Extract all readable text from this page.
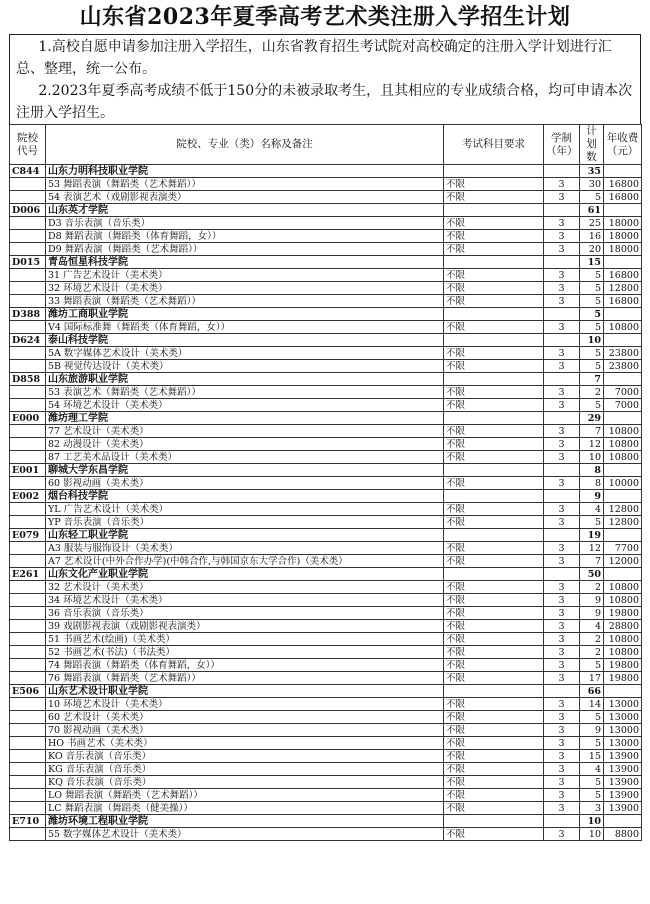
山东省2023年夏季高考艺术类注册入学招生计划

1.高校自愿申请参加注册入学招生，山东省教育招生考试院对高校确定的注册入学计划进行汇总、整理，统一公布。

2.2023年夏季高考成绩不低于150分的未被录取考生，且其相应的专业成绩合格，均可申请本次注册入学招生。

院校代号	院校、专业（类）名称及备注	考试科目要求	学制（年）	计划数	年收费（元）
C844	山东力明科技职业学院			35	
	53 舞蹈表演（舞蹈类（艺术舞蹈））	不限	3	30	16800
	54 表演艺术（戏剧影视表演类）	不限	3	5	16800
D006	山东英才学院			61	
	D3 音乐表演（音乐类）	不限	3	25	18000
	D8 舞蹈表演（舞蹈类（体育舞蹈，女））	不限	3	16	18000
	D9 舞蹈表演（舞蹈类（艺术舞蹈））	不限	3	20	18000
D015	青岛恒星科技学院			15	
	31 广告艺术设计（美术类）	不限	3	5	16800
	32 环境艺术设计（美术类）	不限	3	5	12800
	33 舞蹈表演（舞蹈类（艺术舞蹈））	不限	3	5	16800
D388	潍坊工商职业学院			5	
	V4 国际标准舞（舞蹈类（体育舞蹈，女））	不限	3	5	10800
D624	泰山科技学院			10	
	5A 数字媒体艺术设计（美术类）	不限	3	5	23800
	5B 视觉传达设计（美术类）	不限	3	5	23800
D858	山东旅游职业学院			7	
	53 表演艺术（舞蹈类（艺术舞蹈））	不限	3	2	7000
	54 环境艺术设计（美术类）	不限	3	5	7000
E000	潍坊理工学院			29	
	77 艺术设计（美术类）	不限	3	7	10800
	82 动漫设计（美术类）	不限	3	12	10800
	87 工艺美术品设计（美术类）	不限	3	10	10800
E001	聊城大学东昌学院			8	
	60 影视动画（美术类）	不限	3	8	10000
E002	烟台科技学院			9	
	YL 广告艺术设计（美术类）	不限	3	4	12800
	YP 音乐表演（音乐类）	不限	3	5	12800
E079	山东轻工职业学院			19	
	A3 服装与服饰设计（美术类）	不限	3	12	7700
	A7 艺术设计(中外合作办学)(中韩合作,与韩国京东大学合作)（美术类）	不限	3	7	12000
E261	山东文化产业职业学院			50	
	32 艺术设计（美术类）	不限	3	2	10800
	34 环境艺术设计（美术类）	不限	3	9	10800
	36 音乐表演（音乐类）	不限	3	9	19800
	39 戏剧影视表演（戏剧影视表演类）	不限	3	4	28800
	51 书画艺术(绘画)（美术类）	不限	3	2	10800
	52 书画艺术(书法)（书法类）	不限	3	2	10800
	74 舞蹈表演（舞蹈类（体育舞蹈，女））	不限	3	5	19800
	76 舞蹈表演（舞蹈类（艺术舞蹈））	不限	3	17	19800
E506	山东艺术设计职业学院			66	
	10 环境艺术设计（美术类）	不限	3	14	13000
	60 艺术设计（美术类）	不限	3	5	13000
	70 影视动画（美术类）	不限	3	9	13000
	HO 书画艺术（美术类）	不限	3	5	13000
	KO 音乐表演（音乐类）	不限	3	15	13900
	KG 音乐表演（音乐类）	不限	3	4	13900
	KQ 音乐表演（音乐类）	不限	3	5	13900
	LO 舞蹈表演（舞蹈类（艺术舞蹈））	不限	3	5	13900
	LC 舞蹈表演（舞蹈类（健美操））	不限	3	3	13900
E710	潍坊环境工程职业学院			10	
	55 数字媒体艺术设计（美术类）	不限	3	10	8800
